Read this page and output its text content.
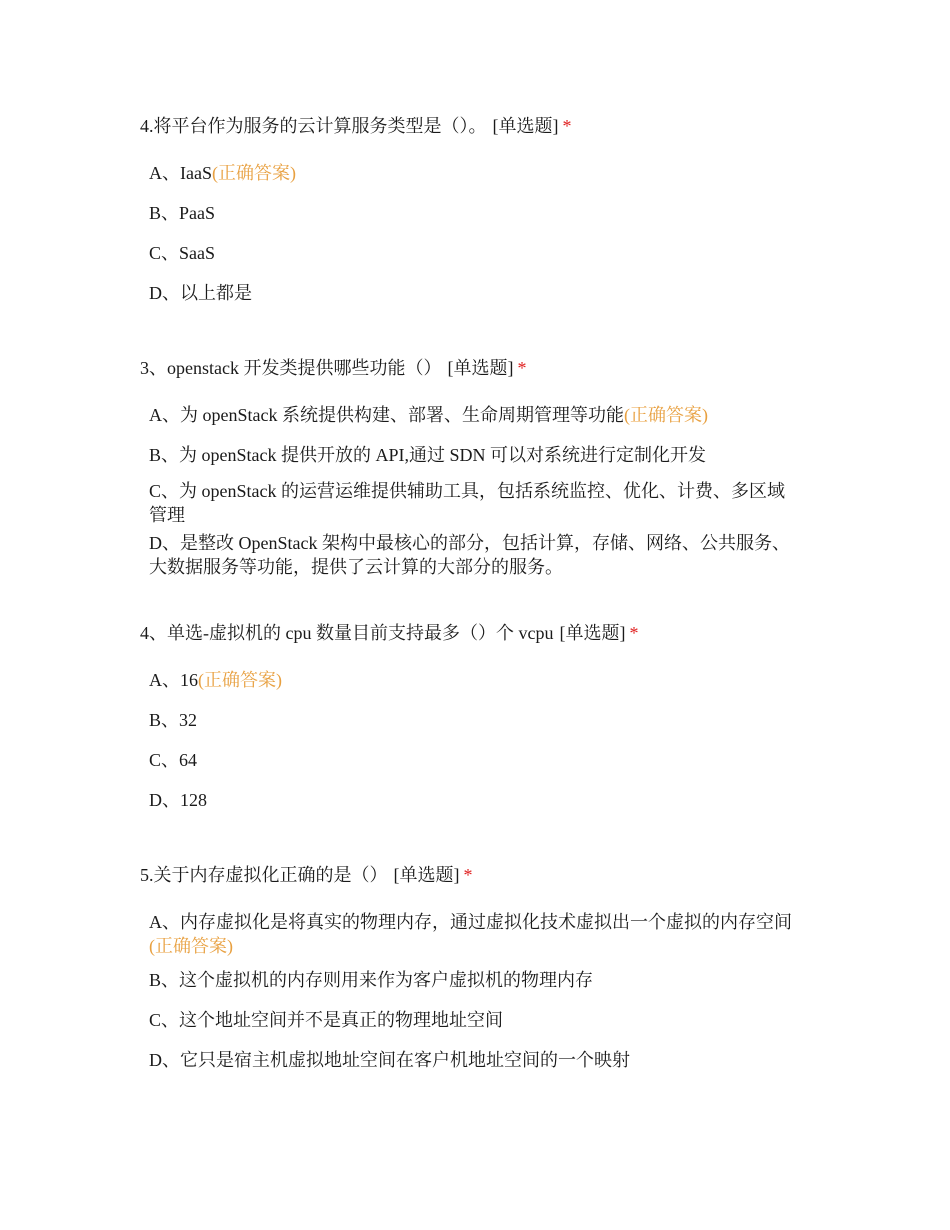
4.将平台作为服务的云计算服务类型是（）。 [单选题] *
A、IaaS(正确答案)
B、PaaS
C、SaaS
D、以上都是
3、openstack 开发类提供哪些功能（） [单选题] *
A、为 openStack 系统提供构建、部署、生命周期管理等功能(正确答案)
B、为 openStack 提供开放的 API,通过 SDN 可以对系统进行定制化开发
C、为 openStack 的运营运维提供辅助工具，包括系统监控、优化、计费、多区域管理
D、是整改 OpenStack 架构中最核心的部分，包括计算，存储、网络、公共服务、大数据服务等功能，提供了云计算的大部分的服务。
4、单选-虚拟机的 cpu 数量目前支持最多（）个 vcpu [单选题] *
A、16(正确答案)
B、32
C、64
D、128
5.关于内存虚拟化正确的是（） [单选题] *
A、内存虚拟化是将真实的物理内存，通过虚拟化技术虚拟出一个虚拟的内存空间(正确答案)
B、这个虚拟机的内存则用来作为客户虚拟机的物理内存
C、这个地址空间并不是真正的物理地址空间
D、它只是宿主机虚拟地址空间在客户机地址空间的一个映射
